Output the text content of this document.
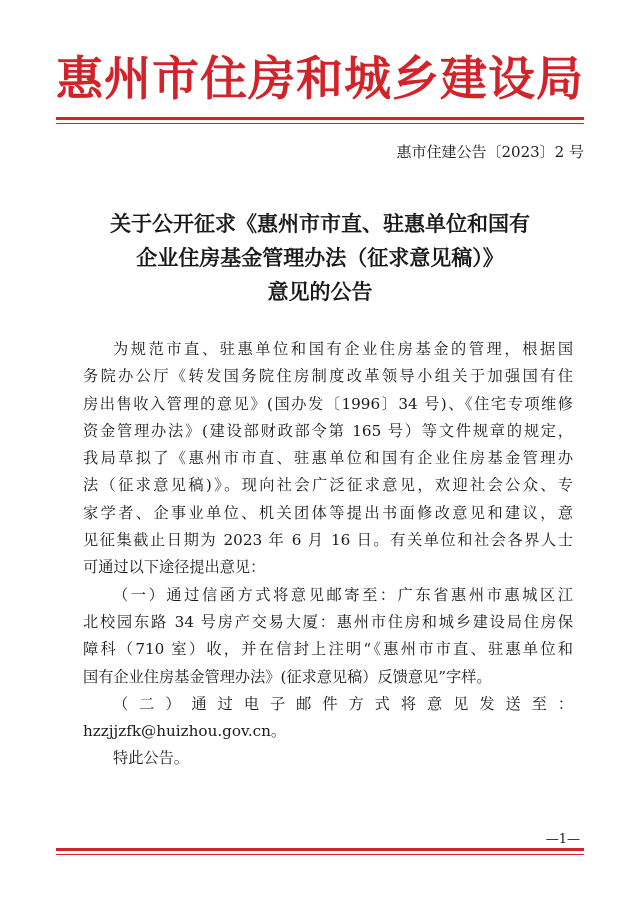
惠州市住房和城乡建设局
惠市住建公告〔2023〕2 号
关于公开征求《惠州市市直、驻惠单位和国有
企业住房基金管理办法（征求意见稿）》
意见的公告
为规范市直、驻惠单位和国有企业住房基金的管理，根据国
务院办公厅《转发国务院住房制度改革领导小组关于加强国有住
房出售收入管理的意见》(国办发〔1996〕34 号)、《住宅专项维修
资金管理办法》(建设部财政部令第 165 号）等文件规章的规定，
我局草拟了《惠州市市直、驻惠单位和国有企业住房基金管理办
法（征求意见稿)》。现向社会广泛征求意见，欢迎社会公众、专
家学者、企事业单位、机关团体等提出书面修改意见和建议，意
见征集截止日期为 2023 年 6 月 16 日。有关单位和社会各界人士
可通过以下途径提出意见：
（一）通过信函方式将意见邮寄至：广东省惠州市惠城区江
北校园东路 34 号房产交易大厦：惠州市住房和城乡建设局住房保
障科（710 室）收，并在信封上注明“《惠州市市直、驻惠单位和
国有企业住房基金管理办法》(征求意见稿）反馈意见”字样。
（二）通过电子邮件方式将意见发送至：
hzzjjzfk@huizhou.gov.cn。
特此公告。
—1—
